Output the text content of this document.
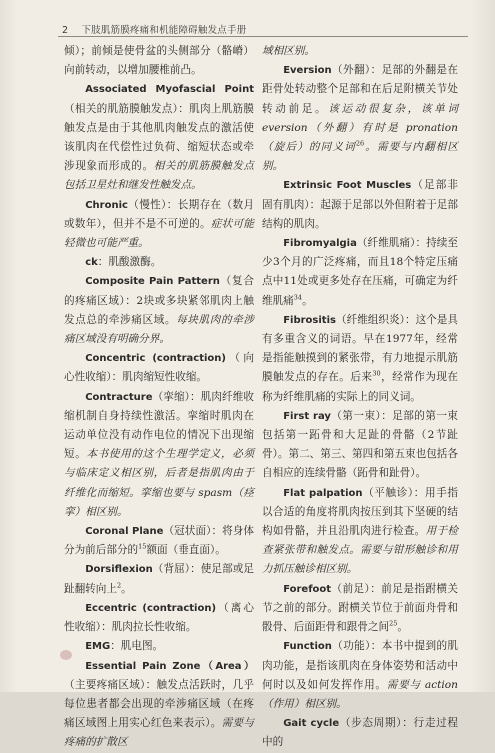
2 下肢肌筋膜疼痛和机能障碍触发点手册

倾）；前倾是使骨盆的头侧部分（骼嵴）向前转动，以增加腰椎前凸。

Associated Myofascial Point（相关的肌筋膜触发点）：肌肉上肌筋膜触发点是由于其他肌肉触发点的激活使该肌肉在代偿性过负荷、缩短状态或牵涉现象而形成的。相关的肌筋膜触发点包括卫星灶和继发性触发点。

Chronic（慢性）：长期存在（数月或数年），但并不是不可逆的。症状可能轻微也可能严重。

ck：肌酸激酶。

Composite Pain Pattern（复合的疼痛区域）：2块或多块紧邻肌肉上触发点总的牵涉痛区域。每块肌肉的牵涉痛区域没有明确分界。

Concentric (contraction)（向心性收缩）：肌肉缩短性收缩。

Contracture（挛缩）：肌肉纤维收缩机制自身持续性激活。挛缩时肌肉在运动单位没有动作电位的情况下出现缩短。本书使用的这个生理学定义，必须与临床定义相区别，后者是指肌肉由于纤维化而缩短。挛缩也要与 spasm（痉挛）相区别。

Coronal Plane（冠状面）：将身体分为前后部分的$^{15}$额面（垂直面）。

Dorsiflexion（背屈）：使足部或足趾翻转向上$^2$。

Eccentric (contraction)（离心性收缩）：肌肉拉长性收缩。

EMG：肌电图。

Essential Pain Zone（Area）（主要疼痛区域）：触发点活跃时，几乎每位患者都会出现的牵涉痛区域（在疼痛区域图上用实心红色来表示）。需要与疼痛的扩散区

域相区别。

Eversion（外翻）：足部的外翻是在距骨处转动整个足部和在后足附横关节处转动前足。该运动很复杂，该单词 eversion（外翻）有时是 pronation（旋后）的同义词$^{26}$。需要与内翻相区别。

Extrinsic Foot Muscles（足部非固有肌肉）：起源于足部以外但附着于足部结构的肌肉。

Fibromyalgia（纤维肌痛）：持续至少3个月的广泛疼痛，而且18个特定压痛点中11处或更多处存在压痛，可确定为纤维肌痛$^{34}$。

Fibrositis（纤维组织炎）：这个是具有多重含义的词语。早在1977年，经常是指能触摸到的紧张带，有力地提示肌筋膜触发点的存在。后来$^{30}$，经常作为现在称为纤维肌痛的实际上的同义词。

First ray（第一束）：足部的第一束包括第一跖骨和大足趾的骨骼（2节趾骨）。第二、第三、第四和第五束也包括各自相应的连续骨骼（跖骨和趾骨）。

Flat palpation（平触诊）：用手指以合适的角度将肌肉按压到其下坚硬的结构如骨骼，并且沿肌肉进行检查。用于检查紧张带和触发点。需要与钳形触诊和用力抓压触诊相区别。

Forefoot（前足）：前足是指跗横关节之前的部分。跗横关节位于前面舟骨和骰骨、后面距骨和跟骨之间$^{25}$。

Function（功能）：本书中提到的肌肉功能，是指该肌肉在身体姿势和活动中何时以及如何发挥作用。需要与 action（作用）相区别。

Gait cycle（步态周期）：行走过程中的
